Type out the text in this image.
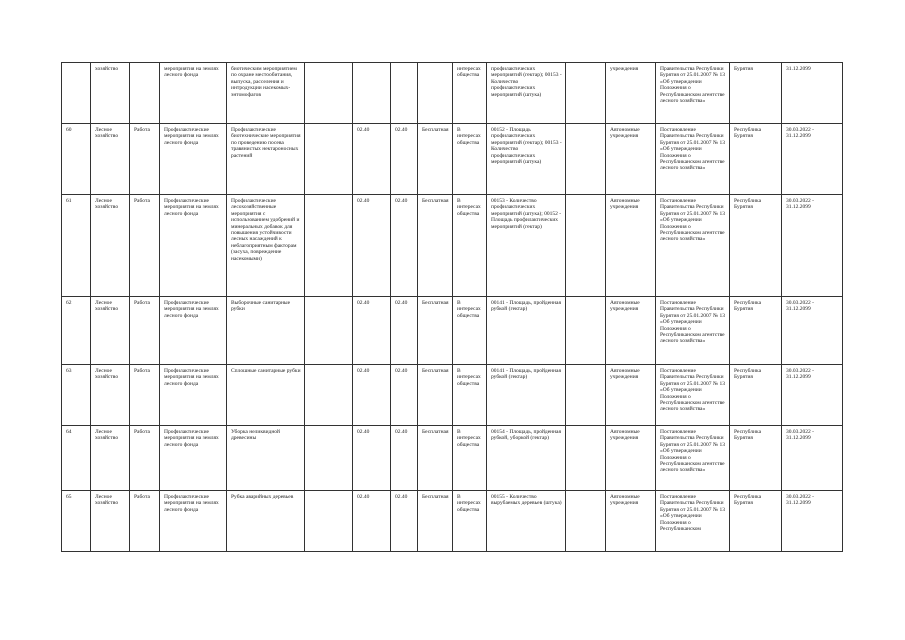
	хозяйство		мероприятия на землях лесного фонда	биотическим мероприятием по охране местообитания, выпуска, расселения и интродукции насекомых-энтомофагов					интересах общества	профилактических мероприятий (гектар); 00153 - Количество профилактических мероприятий (штука)		учреждения	Правительства Республики Бурятия от 25.01.2007 № 13 «Об утверждении Положения о Республиканском агентстве лесного хозяйства»	Бурятия	31.12.2099
60	Лесное хозяйство	Работа	Профилактические мероприятия на землях лесного фонда	Профилактические биотехнические мероприятия по проведению посева травянистых нектароносных растений		02.40	02.40	Бесплатная	В интересах общества	00152 - Площадь профилактических мероприятий (гектар); 00153 - Количество профилактических мероприятий (штука)		Автономные учреждения	Постановление Правительства Республики Бурятия от 25.01.2007 № 13 «Об утверждении Положения о Республиканском агентстве лесного хозяйства»	Республика Бурятия	30.03.2022 - 31.12.2099
61	Лесное хозяйство	Работа	Профилактические мероприятия на землях лесного фонда	Профилактические лесохозяйственные мероприятия с использованием удобрений и минеральных добавок для повышения устойчивости лесных насаждений к неблагоприятным факторам (засуха, повреждение насекомыми)		02.40	02.40	Бесплатная	В интересах общества	00153 - Количество профилактических мероприятий (штука); 00152 - Площадь профилактических мероприятий (гектар)		Автономные учреждения	Постановление Правительства Республики Бурятия от 25.01.2007 № 13 «Об утверждении Положения о Республиканском агентстве лесного хозяйства»	Республика Бурятия	30.03.2022 - 31.12.2099
62	Лесное хозяйство	Работа	Профилактические мероприятия на землях лесного фонда	Выборочные санитарные рубки		02.40	02.40	Бесплатная	В интересах общества	00141 - Площадь, пройденная рубкой (гектар)		Автономные учреждения	Постановление Правительства Республики Бурятия от 25.01.2007 № 13 «Об утверждении Положения о Республиканском агентстве лесного хозяйства»	Республика Бурятия	30.03.2022 - 31.12.2099
63	Лесное хозяйство	Работа	Профилактические мероприятия на землях лесного фонда	Сплошные санитарные рубки		02.40	02.40	Бесплатная	В интересах общества	00141 - Площадь, пройденная рубкой (гектар)		Автономные учреждения	Постановление Правительства Республики Бурятия от 25.01.2007 № 13 «Об утверждении Положения о Республиканском агентстве лесного хозяйства»	Республика Бурятия	30.03.2022 - 31.12.2099
64	Лесное хозяйство	Работа	Профилактические мероприятия на землях лесного фонда	Уборка неликвидной древесины		02.40	02.40	Бесплатная	В интересах общества	00154 - Площадь, пройденная рубкой, уборкой (гектар)		Автономные учреждения	Постановление Правительства Республики Бурятия от 25.01.2007 № 13 «Об утверждении Положения о Республиканском агентстве лесного хозяйства»	Республика Бурятия	30.03.2022 - 31.12.2099
65	Лесное хозяйство	Работа	Профилактические мероприятия на землях лесного фонда	Рубка аварийных деревьев		02.40	02.40	Бесплатная	В интересах общества	00155 - Количество вырубаемых деревьев (штука)		Автономные учреждения	Постановление Правительства Республики Бурятия от 25.01.2007 № 13 «Об утверждении Положения о Республиканском	Республика Бурятия	30.03.2022 - 31.12.2099
